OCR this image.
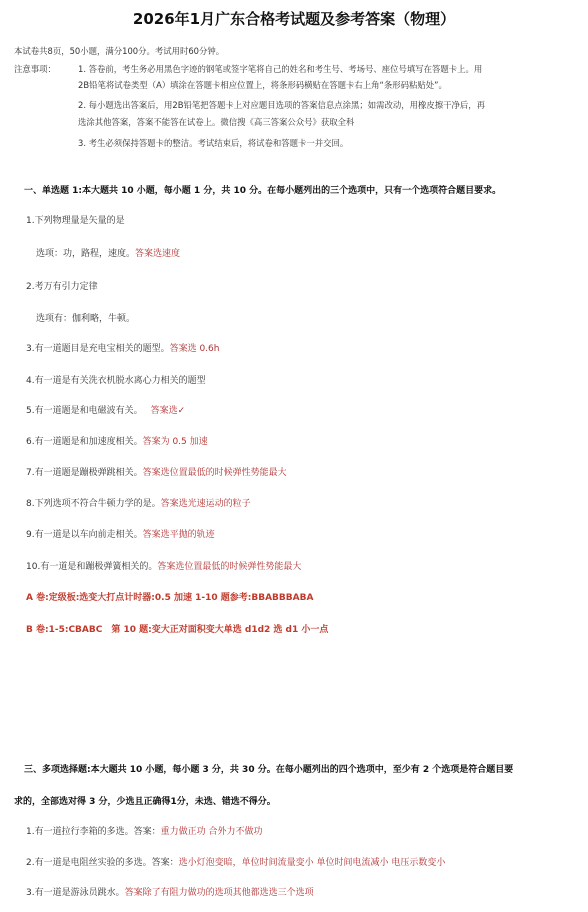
2026年1月广东合格考试题及参考答案（物理）
本试卷共8页，50小题，满分100分。考试用时60分钟。
注意事项：	1. 答卷前，考生务必用黑色字迹的钢笔或签字笔将自己的姓名和考生号、考场号、座位号填写在答题卡上。用
2B铅笔将试卷类型（A）填涂在答题卡相应位置上，将条形码横贴在答题卡右上角“条形码粘贴处”。
2. 每小题选出答案后，用2B铅笔把答题卡上对应题目选项的答案信息点涂黑；如需改动，用橡皮擦干净后，再
选涂其他答案，答案不能答在试卷上。微信搜《高三答案公众号》获取全科
3. 考生必须保持答题卡的整洁。考试结束后，将试卷和答题卡一并交回。
一、单选题 1:本大题共 10 小题，每小题 1 分，共 10 分。在每小题列出的三个选项中，只有一个选项符合题目要求。
1.下列物理量是矢量的是
选项：功，路程，速度。答案选速度
2.考万有引力定律
选项有：伽利略，牛顿。
3.有一道题目是充电宝相关的题型。答案选 0.6h
4.有一道是有关洗衣机脱水离心力相关的题型
5.有一道题是和电磁波有关。 答案选✓
6.有一道题是和加速度相关。答案为 0.5 加速
7.有一道题是蹦极弹跳相关。答案选位置最低的时候弹性势能最大
8.下列选项不符合牛顿力学的是。答案选光速运动的粒子
9.有一道是以车向前走相关。答案选平抛的轨迹
10.有一道是和蹦极弹簧相关的。答案选位置最低的时候弹性势能最大
A 卷:定级板:选变大打点计时器:0.5 加速 1-10 题参考:BBABBBABA
B 卷:1-5:CBABC　第 10 题:变大正对面积变大单选 d1d2 选 d1 小一点
三、多项选择题:本大题共 10 小题，每小题 3 分，共 30 分。在每小题列出的四个选项中，至少有 2 个选项是符合题目要
求的，全部选对得 3 分，少选且正确得1分，未选、错选不得分。
1.有一道拉行李箱的多选。答案：重力做正功 合外力不做功
2.有一道是电阻丝实验的多选。答案：选小灯泡变暗，单位时间流量变小 单位时间电流减小 电压示数变小
3.有一道是游泳员跳水。答案除了有阻力做功的选项其他都选选三个选项
